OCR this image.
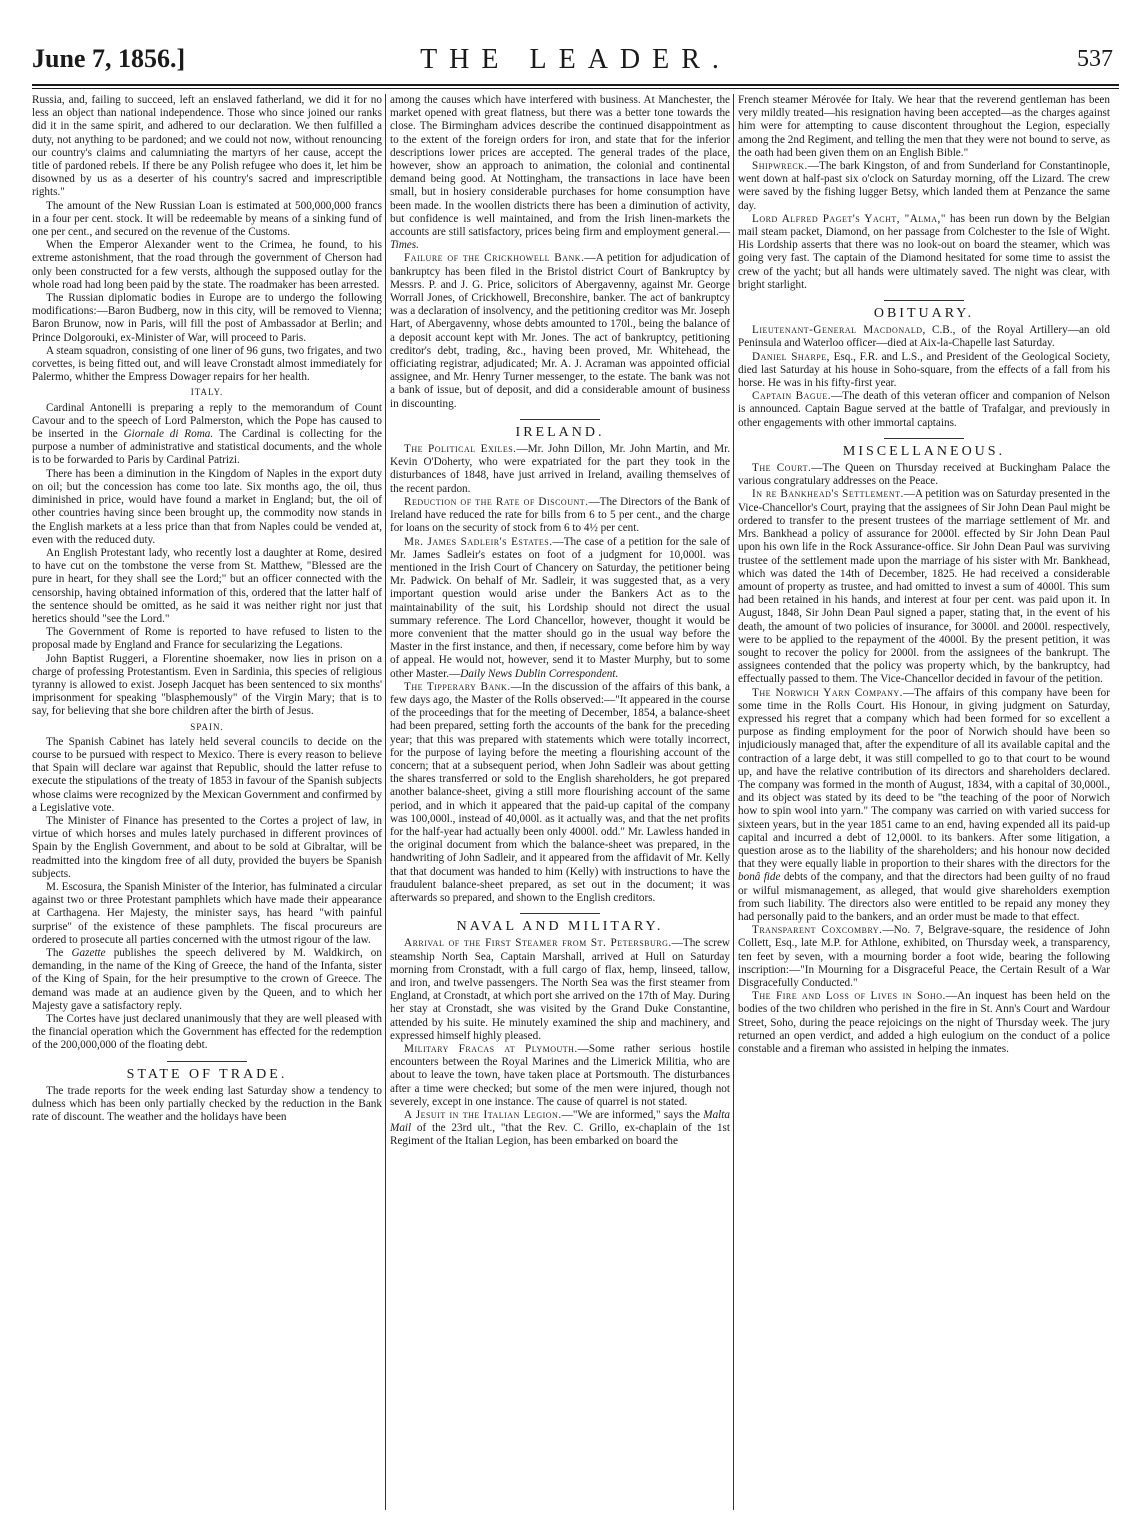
June 7, 1856.]	THE LEADER.	537

Russia, and, failing to succeed, left an enslaved fatherland, we did it for no less an object than national independence. Those who since joined our ranks did it in the same spirit, and adhered to our declaration. We then fulfilled a duty, not anything to be pardoned; and we could not now, without renouncing our country's claims and calumniating the martyrs of her cause, accept the title of pardoned rebels. If there be any Polish refugee who does it, let him be disowned by us as a deserter of his country's sacred and imprescriptible rights."

The amount of the New Russian Loan is estimated at 500,000,000 francs in a four per cent. stock. It will be redeemable by means of a sinking fund of one per cent., and secured on the revenue of the Customs.

When the Emperor Alexander went to the Crimea, he found, to his extreme astonishment, that the road through the government of Cherson had only been constructed for a few versts, although the supposed outlay for the whole road had long been paid by the state. The roadmaker has been arrested.

The Russian diplomatic bodies in Europe are to undergo the following modifications:—Baron Budberg, now in this city, will be removed to Vienna; Baron Brunow, now in Paris, will fill the post of Ambassador at Berlin; and Prince Dolgorouki, ex-Minister of War, will proceed to Paris.

A steam squadron, consisting of one liner of 96 guns, two frigates, and two corvettes, is being fitted out, and will leave Cronstadt almost immediately for Palermo, whither the Empress Dowager repairs for her health.

ITALY.

Cardinal Antonelli is preparing a reply to the memorandum of Count Cavour and to the speech of Lord Palmerston, which the Pope has caused to be inserted in the Giornale di Roma. The Cardinal is collecting for the purpose a number of administrative and statistical documents, and the whole is to be forwarded to Paris by Cardinal Patrizi.

There has been a diminution in the Kingdom of Naples in the export duty on oil; but the concession has come too late. Six months ago, the oil, thus diminished in price, would have found a market in England; but, the oil of other countries having since been brought up, the commodity now stands in the English markets at a less price than that from Naples could be vended at, even with the reduced duty.

An English Protestant lady, who recently lost a daughter at Rome, desired to have cut on the tombstone the verse from St. Matthew, "Blessed are the pure in heart, for they shall see the Lord;" but an officer connected with the censorship, having obtained information of this, ordered that the latter half of the sentence should be omitted, as he said it was neither right nor just that heretics should "see the Lord."

The Government of Rome is reported to have refused to listen to the proposal made by England and France for secularizing the Legations.

John Baptist Ruggeri, a Florentine shoemaker, now lies in prison on a charge of professing Protestantism. Even in Sardinia, this species of religious tyranny is allowed to exist. Joseph Jacquet has been sentenced to six months' imprisonment for speaking "blasphemously" of the Virgin Mary; that is to say, for believing that she bore children after the birth of Jesus.

SPAIN.

The Spanish Cabinet has lately held several councils to decide on the course to be pursued with respect to Mexico. There is every reason to believe that Spain will declare war against that Republic, should the latter refuse to execute the stipulations of the treaty of 1853 in favour of the Spanish subjects whose claims were recognized by the Mexican Government and confirmed by a Legislative vote.

The Minister of Finance has presented to the Cortes a project of law, in virtue of which horses and mules lately purchased in different provinces of Spain by the English Government, and about to be sold at Gibraltar, will be readmitted into the kingdom free of all duty, provided the buyers be Spanish subjects.

M. Escosura, the Spanish Minister of the Interior, has fulminated a circular against two or three Protestant pamphlets which have made their appearance at Carthagena. Her Majesty, the minister says, has heard "with painful surprise" of the existence of these pamphlets. The fiscal procureurs are ordered to prosecute all parties concerned with the utmost rigour of the law.

The Gazette publishes the speech delivered by M. Waldkirch, on demanding, in the name of the King of Greece, the hand of the Infanta, sister of the King of Spain, for the heir presumptive to the crown of Greece. The demand was made at an audience given by the Queen, and to which her Majesty gave a satisfactory reply.

The Cortes have just declared unanimously that they are well pleased with the financial operation which the Government has effected for the redemption of the 200,000,000 of the floating debt.

STATE OF TRADE.

The trade reports for the week ending last Saturday show a tendency to dulness which has been only partially checked by the reduction in the Bank rate of discount. The weather and the holidays have been

among the causes which have interfered with business. At Manchester, the market opened with great flatness, but there was a better tone towards the close. The Birmingham advices describe the continued disappointment as to the extent of the foreign orders for iron, and state that for the inferior descriptions lower prices are accepted. The general trades of the place, however, show an approach to animation, the colonial and continental demand being good. At Nottingham, the transactions in lace have been small, but in hosiery considerable purchases for home consumption have been made. In the woollen districts there has been a diminution of activity, but confidence is well maintained, and from the Irish linen-markets the accounts are still satisfactory, prices being firm and employment general.—Times.

Failure of the Crickhowell Bank.—A petition for adjudication of bankruptcy has been filed in the Bristol district Court of Bankruptcy by Messrs. P. and J. G. Price, solicitors of Abergavenny, against Mr. George Worrall Jones, of Crickhowell, Breconshire, banker. The act of bankruptcy was a declaration of insolvency, and the petitioning creditor was Mr. Joseph Hart, of Abergavenny, whose debts amounted to 170l., being the balance of a deposit account kept with Mr. Jones. The act of bankruptcy, petitioning creditor's debt, trading, &c., having been proved, Mr. Whitehead, the officiating registrar, adjudicated; Mr. A. J. Acraman was appointed official assignee, and Mr. Henry Turner messenger, to the estate. The bank was not a bank of issue, but of deposit, and did a considerable amount of business in discounting.

IRELAND.

The Political Exiles.—Mr. John Dillon, Mr. John Martin, and Mr. Kevin O'Doherty, who were expatriated for the part they took in the disturbances of 1848, have just arrived in Ireland, availing themselves of the recent pardon.

Reduction of the Rate of Discount.—The Directors of the Bank of Ireland have reduced the rate for bills from 6 to 5 per cent., and the charge for loans on the security of stock from 6 to 4½ per cent.

Mr. James Sadleir's Estates.—The case of a petition for the sale of Mr. James Sadleir's estates on foot of a judgment for 10,000l. was mentioned in the Irish Court of Chancery on Saturday, the petitioner being Mr. Padwick. On behalf of Mr. Sadleir, it was suggested that, as a very important question would arise under the Bankers Act as to the maintainability of the suit, his Lordship should not direct the usual summary reference. The Lord Chancellor, however, thought it would be more convenient that the matter should go in the usual way before the Master in the first instance, and then, if necessary, come before him by way of appeal. He would not, however, send it to Master Murphy, but to some other Master.—Daily News Dublin Correspondent.

The Tipperary Bank.—In the discussion of the affairs of this bank, a few days ago, the Master of the Rolls observed:—"It appeared in the course of the proceedings that for the meeting of December, 1854, a balance-sheet had been prepared, setting forth the accounts of the bank for the preceding year; that this was prepared with statements which were totally incorrect, for the purpose of laying before the meeting a flourishing account of the concern; that at a subsequent period, when John Sadleir was about getting the shares transferred or sold to the English shareholders, he got prepared another balance-sheet, giving a still more flourishing account of the same period, and in which it appeared that the paid-up capital of the company was 100,000l., instead of 40,000l. as it actually was, and that the net profits for the half-year had actually been only 4000l. odd." Mr. Lawless handed in the original document from which the balance-sheet was prepared, in the handwriting of John Sadleir, and it appeared from the affidavit of Mr. Kelly that that document was handed to him (Kelly) with instructions to have the fraudulent balance-sheet prepared, as set out in the document; it was afterwards so prepared, and shown to the English creditors.

NAVAL AND MILITARY.

Arrival of the First Steamer from St. Petersburg.—The screw steamship North Sea, Captain Marshall, arrived at Hull on Saturday morning from Cronstadt, with a full cargo of flax, hemp, linseed, tallow, and iron, and twelve passengers. The North Sea was the first steamer from England, at Cronstadt, at which port she arrived on the 17th of May. During her stay at Cronstadt, she was visited by the Grand Duke Constantine, attended by his suite. He minutely examined the ship and machinery, and expressed himself highly pleased.

Military Fracas at Plymouth.—Some rather serious hostile encounters between the Royal Marines and the Limerick Militia, who are about to leave the town, have taken place at Portsmouth. The disturbances after a time were checked; but some of the men were injured, though not severely, except in one instance. The cause of quarrel is not stated.

A Jesuit in the Italian Legion.—"We are informed," says the Malta Mail of the 23rd ult., "that the Rev. C. Grillo, ex-chaplain of the 1st Regiment of the Italian Legion, has been embarked on board the

French steamer Mérovée for Italy. We hear that the reverend gentleman has been very mildly treated—his resignation having been accepted—as the charges against him were for attempting to cause discontent throughout the Legion, especially among the 2nd Regiment, and telling the men that they were not bound to serve, as the oath had been given them on an English Bible."

Shipwreck.—The bark Kingston, of and from Sunderland for Constantinople, went down at half-past six o'clock on Saturday morning, off the Lizard. The crew were saved by the fishing lugger Betsy, which landed them at Penzance the same day.

Lord Alfred Paget's Yacht, "Alma," has been run down by the Belgian mail steam packet, Diamond, on her passage from Colchester to the Isle of Wight. His Lordship asserts that there was no look-out on board the steamer, which was going very fast. The captain of the Diamond hesitated for some time to assist the crew of the yacht; but all hands were ultimately saved. The night was clear, with bright starlight.

OBITUARY.

Lieutenant-General Macdonald, C.B., of the Royal Artillery—an old Peninsula and Waterloo officer—died at Aix-la-Chapelle last Saturday.

Daniel Sharpe, Esq., F.R. and L.S., and President of the Geological Society, died last Saturday at his house in Soho-square, from the effects of a fall from his horse. He was in his fifty-first year.

Captain Bague.—The death of this veteran officer and companion of Nelson is announced. Captain Bague served at the battle of Trafalgar, and previously in other engagements with other immortal captains.

MISCELLANEOUS.

The Court.—The Queen on Thursday received at Buckingham Palace the various congratulary addresses on the Peace.

In re Bankhead's Settlement.—A petition was on Saturday presented in the Vice-Chancellor's Court, praying that the assignees of Sir John Dean Paul might be ordered to transfer to the present trustees of the marriage settlement of Mr. and Mrs. Bankhead a policy of assurance for 2000l. effected by Sir John Dean Paul upon his own life in the Rock Assurance-office. Sir John Dean Paul was surviving trustee of the settlement made upon the marriage of his sister with Mr. Bankhead, which was dated the 14th of December, 1825. He had received a considerable amount of property as trustee, and had omitted to invest a sum of 4000l. This sum had been retained in his hands, and interest at four per cent. was paid upon it. In August, 1848, Sir John Dean Paul signed a paper, stating that, in the event of his death, the amount of two policies of insurance, for 3000l. and 2000l. respectively, were to be applied to the repayment of the 4000l. By the present petition, it was sought to recover the policy for 2000l. from the assignees of the bankrupt. The assignees contended that the policy was property which, by the bankruptcy, had effectually passed to them. The Vice-Chancellor decided in favour of the petition.

The Norwich Yarn Company.—The affairs of this company have been for some time in the Rolls Court. His Honour, in giving judgment on Saturday, expressed his regret that a company which had been formed for so excellent a purpose as finding employment for the poor of Norwich should have been so injudiciously managed that, after the expenditure of all its available capital and the contraction of a large debt, it was still compelled to go to that court to be wound up, and have the relative contribution of its directors and shareholders declared. The company was formed in the month of August, 1834, with a capital of 30,000l., and its object was stated by its deed to be "the teaching of the poor of Norwich how to spin wool into yarn." The company was carried on with varied success for sixteen years, but in the year 1851 came to an end, having expended all its paid-up capital and incurred a debt of 12,000l. to its bankers. After some litigation, a question arose as to the liability of the shareholders; and his honour now decided that they were equally liable in proportion to their shares with the directors for the bonâ fide debts of the company, and that the directors had been guilty of no fraud or wilful mismanagement, as alleged, that would give shareholders exemption from such liability. The directors also were entitled to be repaid any money they had personally paid to the bankers, and an order must be made to that effect.

Transparent Coxcombry.—No. 7, Belgrave-square, the residence of John Collett, Esq., late M.P. for Athlone, exhibited, on Thursday week, a transparency, ten feet by seven, with a mourning border a foot wide, bearing the following inscription:—"In Mourning for a Disgraceful Peace, the Certain Result of a War Disgracefully Conducted."

The Fire and Loss of Lives in Soho.—An inquest has been held on the bodies of the two children who perished in the fire in St. Ann's Court and Wardour Street, Soho, during the peace rejoicings on the night of Thursday week. The jury returned an open verdict, and added a high eulogium on the conduct of a police constable and a fireman who assisted in helping the inmates.
